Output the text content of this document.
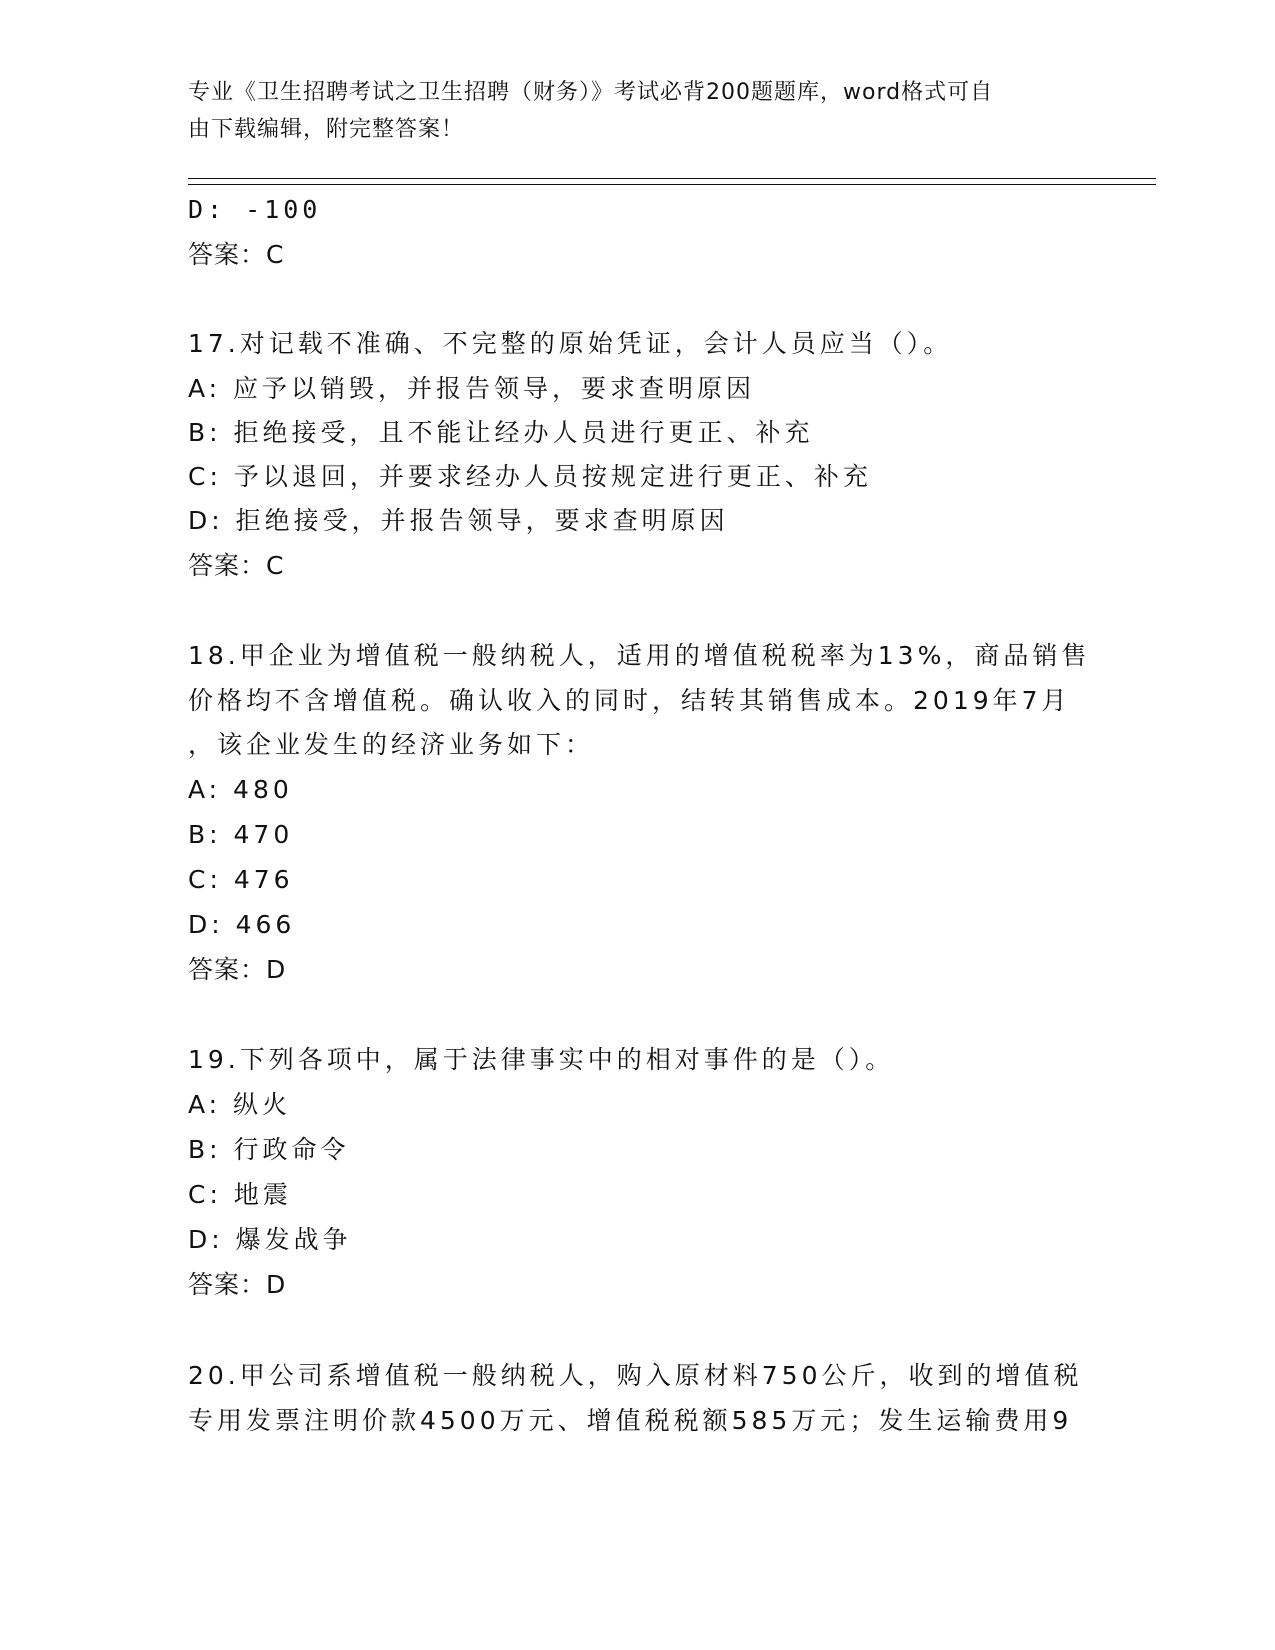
专业《卫生招聘考试之卫生招聘（财务）》考试必背200题题库，word格式可自
由下载编辑，附完整答案！
D: -100
答案：C
17.对记载不准确、不完整的原始凭证，会计人员应当（）。
A: 应予以销毁，并报告领导，要求查明原因
B: 拒绝接受，且不能让经办人员进行更正、补充
C: 予以退回，并要求经办人员按规定进行更正、补充
D: 拒绝接受，并报告领导，要求查明原因
答案：C
18.甲企业为增值税一般纳税人，适用的增值税税率为13%，商品销售
价格均不含增值税。确认收入的同时，结转其销售成本。2019年7月
，该企业发生的经济业务如下：
A: 480
B: 470
C: 476
D: 466
答案：D
19.下列各项中，属于法律事实中的相对事件的是（）。
A: 纵火
B: 行政命令
C: 地震
D: 爆发战争
答案：D
20.甲公司系增值税一般纳税人，购入原材料750公斤，收到的增值税
专用发票注明价款4500万元、增值税税额585万元；发生运输费用9
